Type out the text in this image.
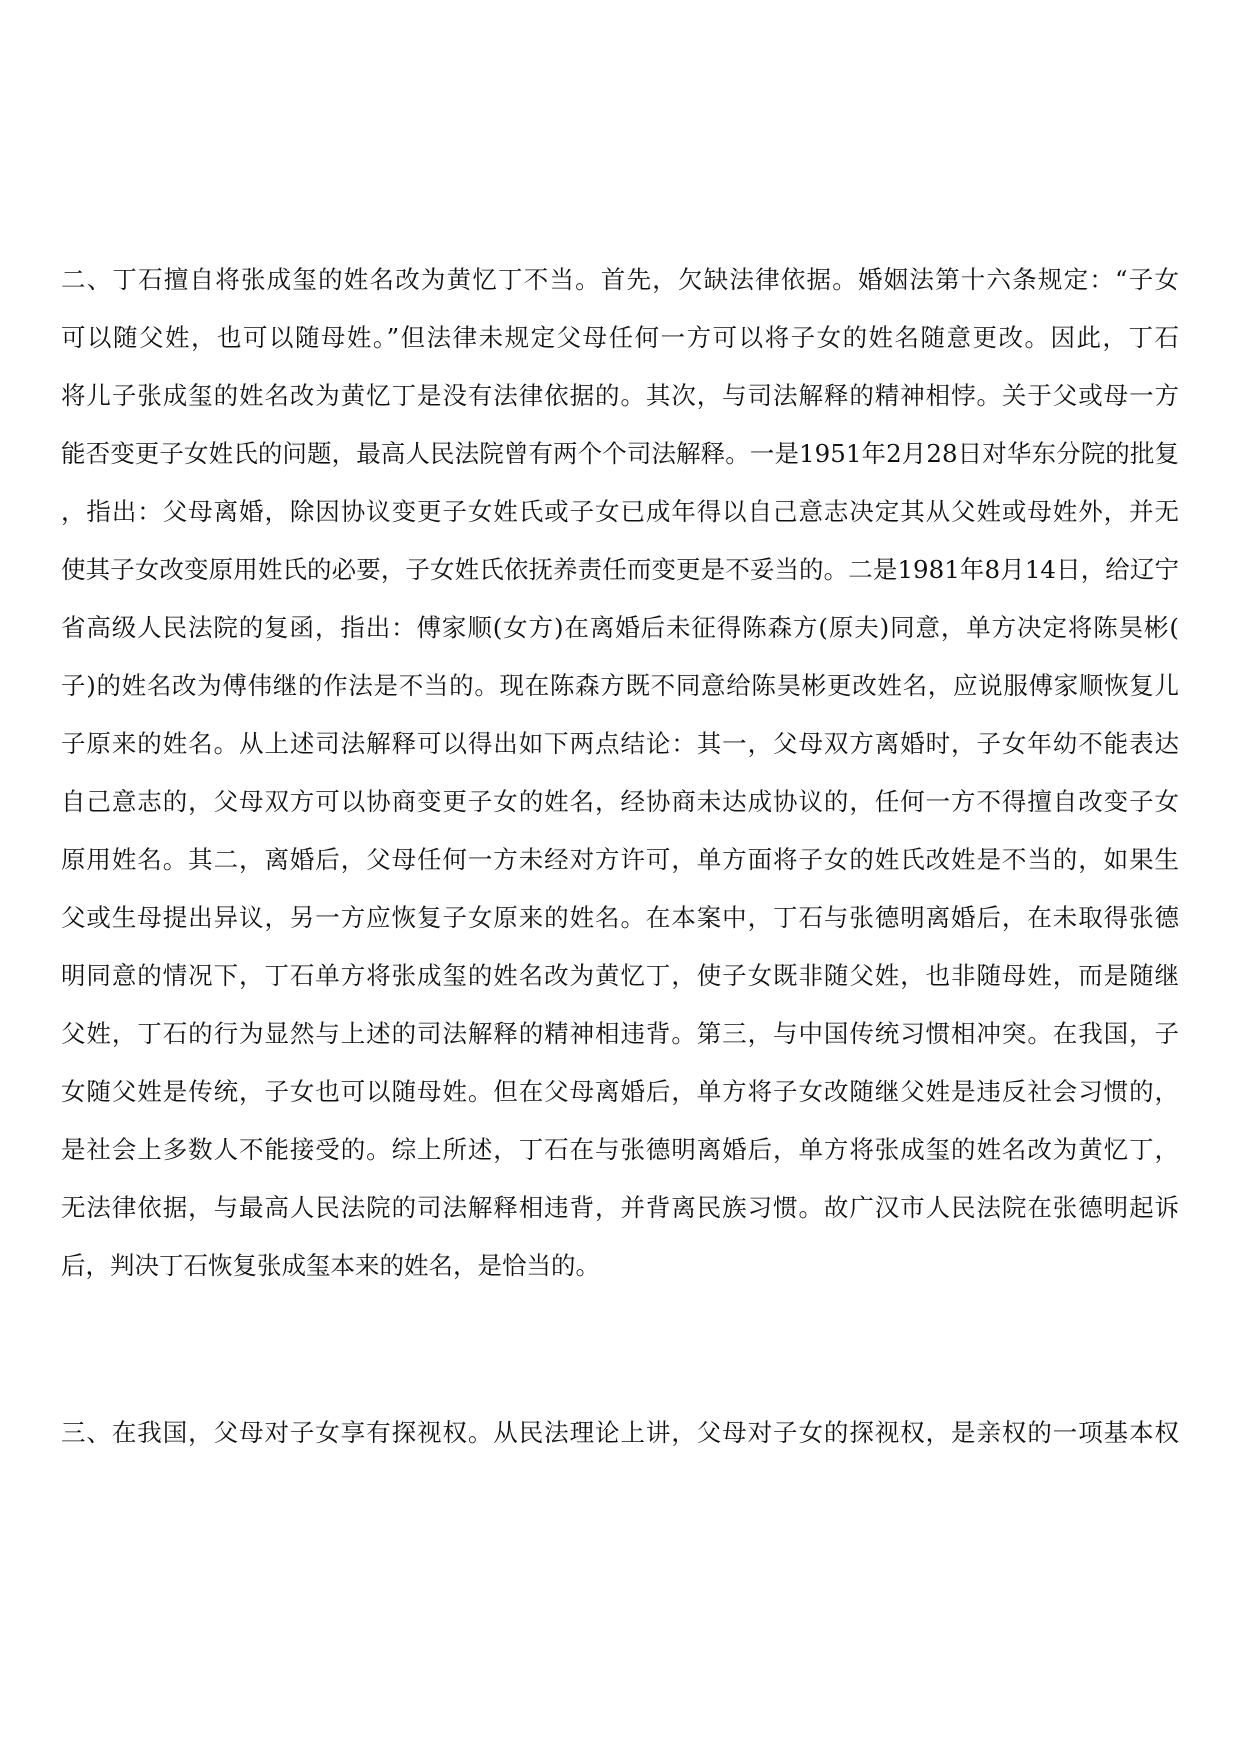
二、丁石擅自将张成玺的姓名改为黄忆丁不当。首先，欠缺法律依据。婚姻法第十六条规定：“子女
可以随父姓，也可以随母姓。”但法律未规定父母任何一方可以将子女的姓名随意更改。因此，丁石
将儿子张成玺的姓名改为黄忆丁是没有法律依据的。其次，与司法解释的精神相悖。关于父或母一方
能否变更子女姓氏的问题，最高人民法院曾有两个个司法解释。一是1951年2月28日对华东分院的批复
，指出：父母离婚，除因协议变更子女姓氏或子女已成年得以自己意志决定其从父姓或母姓外，并无
使其子女改变原用姓氏的必要，子女姓氏依抚养责任而变更是不妥当的。二是1981年8月14日，给辽宁
省高级人民法院的复函，指出：傅家顺(女方)在离婚后未征得陈森方(原夫)同意，单方决定将陈昊彬(
子)的姓名改为傅伟继的作法是不当的。现在陈森方既不同意给陈昊彬更改姓名，应说服傅家顺恢复儿
子原来的姓名。从上述司法解释可以得出如下两点结论：其一，父母双方离婚时，子女年幼不能表达
自己意志的，父母双方可以协商变更子女的姓名，经协商未达成协议的，任何一方不得擅自改变子女
原用姓名。其二，离婚后，父母任何一方未经对方许可，单方面将子女的姓氏改姓是不当的，如果生
父或生母提出异议，另一方应恢复子女原来的姓名。在本案中，丁石与张德明离婚后，在未取得张德
明同意的情况下，丁石单方将张成玺的姓名改为黄忆丁，使子女既非随父姓，也非随母姓，而是随继
父姓，丁石的行为显然与上述的司法解释的精神相违背。第三，与中国传统习惯相冲突。在我国，子
女随父姓是传统，子女也可以随母姓。但在父母离婚后，单方将子女改随继父姓是违反社会习惯的，
是社会上多数人不能接受的。综上所述，丁石在与张德明离婚后，单方将张成玺的姓名改为黄忆丁，
无法律依据，与最高人民法院的司法解释相违背，并背离民族习惯。故广汉市人民法院在张德明起诉
后，判决丁石恢复张成玺本来的姓名，是恰当的。
三、在我国，父母对子女享有探视权。从民法理论上讲，父母对子女的探视权，是亲权的一项基本权
